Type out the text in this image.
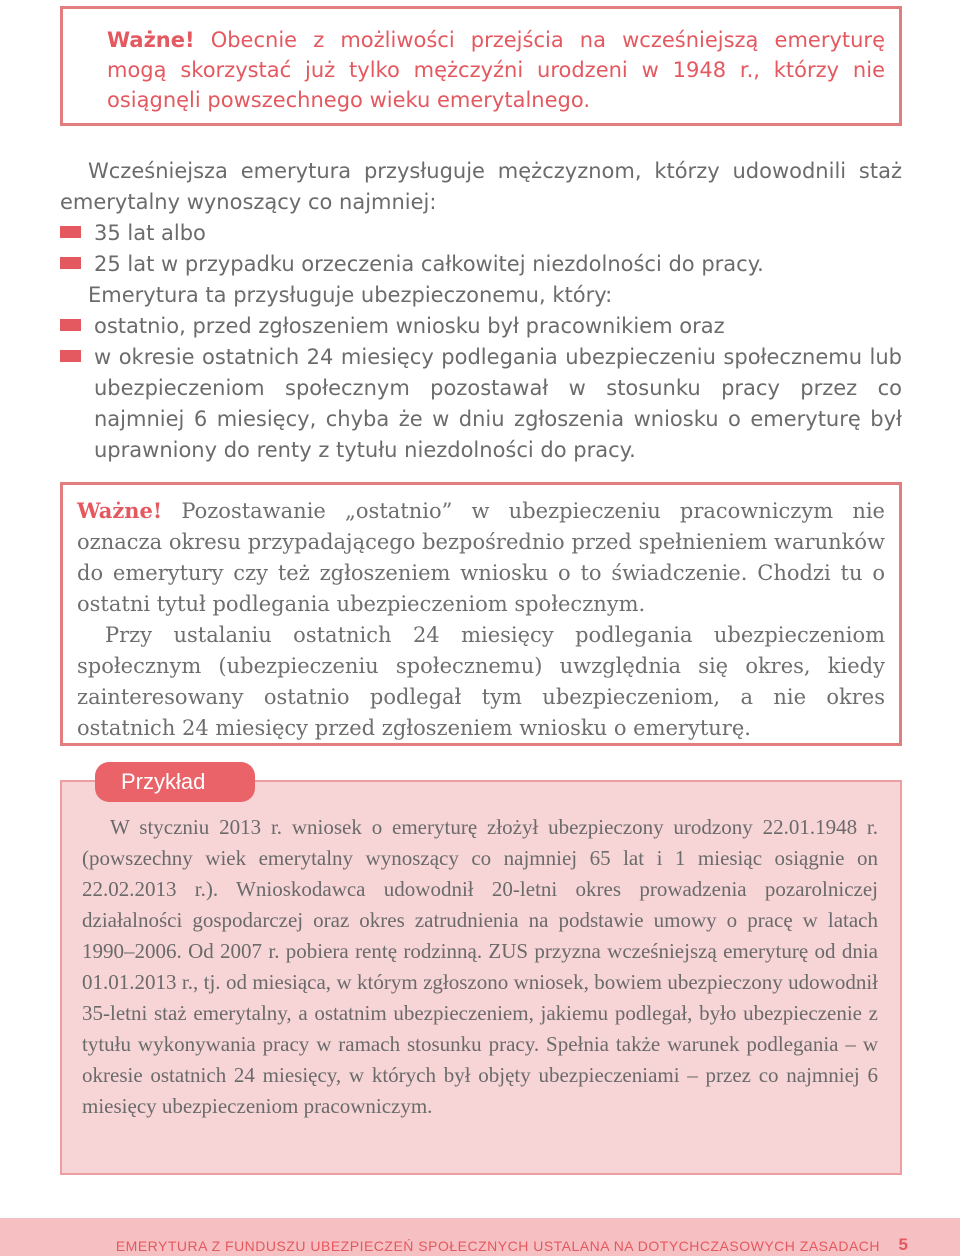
Ważne! Obecnie z możliwości przejścia na wcześniejszą emeryturę mogą skorzystać już tylko mężczyźni urodzeni w 1948 r., którzy nie osiągnęli powszechnego wieku emerytalnego.

Wcześniejsza emerytura przysługuje mężczyznom, którzy udowodnili staż emerytalny wynoszący co najmniej:

35 lat albo
25 lat w przypadku orzeczenia całkowitej niezdolności do pracy.

Emerytura ta przysługuje ubezpieczonemu, który:

ostatnio, przed zgłoszeniem wniosku był pracownikiem oraz
w okresie ostatnich 24 miesięcy podlegania ubezpieczeniu społecznemu lub ubezpieczeniom społecznym pozostawał w stosunku pracy przez co najmniej 6 miesięcy, chyba że w dniu zgłoszenia wniosku o emeryturę był uprawniony do renty z tytułu niezdolności do pracy.

Ważne! Pozostawanie „ostatnio” w ubezpieczeniu pracowniczym nie oznacza okresu przypadającego bezpośrednio przed spełnieniem warunków do emerytury czy też zgłoszeniem wniosku o to świadczenie. Chodzi tu o ostatni tytuł podlegania ubezpieczeniom społecznym.

Przy ustalaniu ostatnich 24 miesięcy podlegania ubezpieczeniom społecznym (ubezpieczeniu społecznemu) uwzględnia się okres, kiedy zainteresowany ostatnio podlegał tym ubezpieczeniom, a nie okres ostatnich 24 miesięcy przed zgłoszeniem wniosku o emeryturę.

W styczniu 2013 r. wniosek o emeryturę złożył ubezpieczony urodzony 22.01.1948 r. (powszechny wiek emerytalny wynoszący co najmniej 65 lat i 1 miesiąc osiągnie on 22.02.2013 r.). Wnioskodawca udowodnił 20-letni okres prowadzenia pozarolniczej działalności gospodarczej oraz okres zatrudnienia na podstawie umowy o pracę w latach 1990–2006. Od 2007 r. pobiera rentę rodzinną. ZUS przyzna wcześniejszą emeryturę od dnia 01.01.2013 r., tj. od miesiąca, w którym zgłoszono wniosek, bowiem ubezpieczony udowodnił 35-letni staż emerytalny, a ostatnim ubezpieczeniem, jakiemu podlegał, było ubezpieczenie z tytułu wykonywania pracy w ramach stosunku pracy. Spełnia także warunek podlegania – w okresie ostatnich 24 miesięcy, w których był objęty ubezpieczeniami – przez co najmniej 6 miesięcy ubezpieczeniom pracowniczym.

Przykład
EMERYTURA Z FUNDUSZU UBEZPIECZEŃ SPOŁECZNYCH USTALANA NA DOTYCHCZASOWYCH ZASADACH 5
